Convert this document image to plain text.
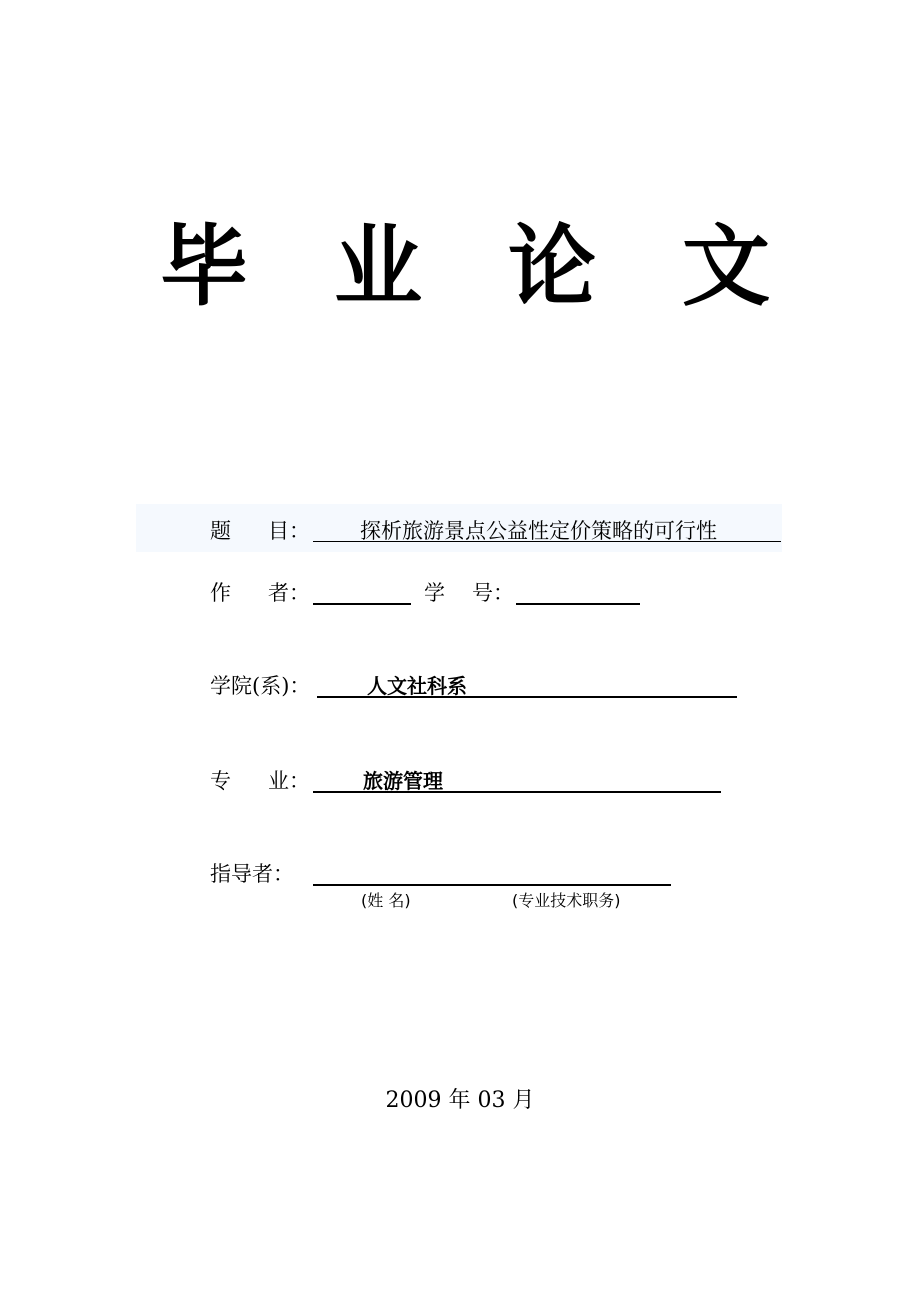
毕 业 论 文
题 目： 探析旅游景点公益性定价策略的可行性
作 者：	学 号：
学院(系)：	人文社科系
专 业：	旅游管理
指导者：
(姓 名)	(专业技术职务)
2009 年 03 月
